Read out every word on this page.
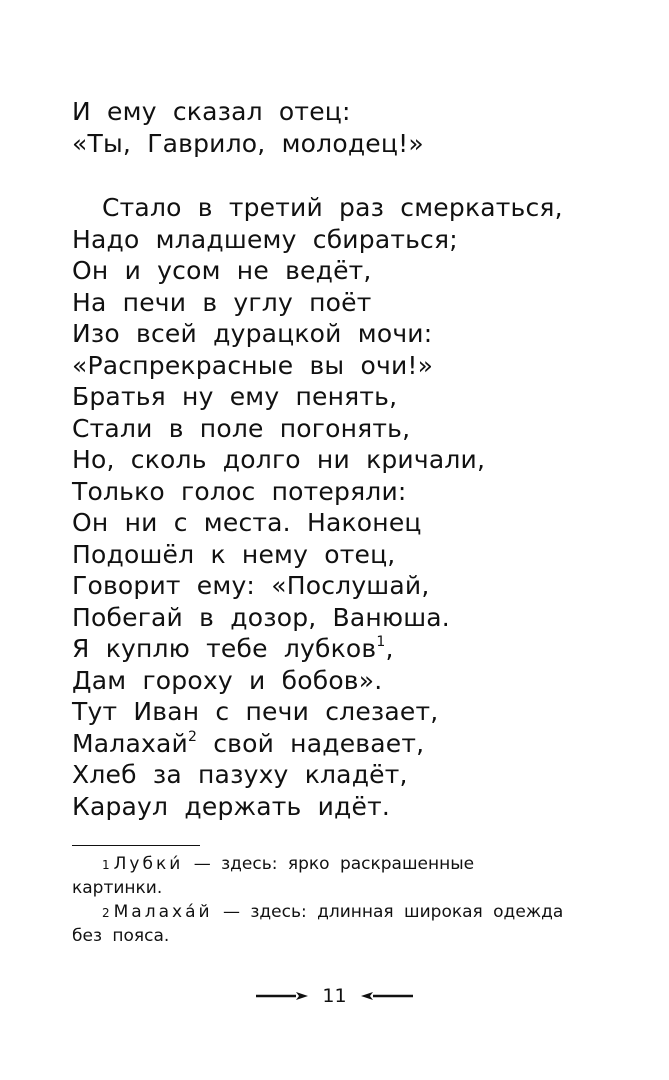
И ему сказал отец:
«Ты, Гаврило, молодец!»
Стало в третий раз смеркаться,
Надо младшему сбираться;
Он и усом не ведёт,
На печи в углу поёт
Изо всей дурацкой мочи:
«Распрекрасные вы очи!»
Братья ну ему пенять,
Стали в поле погонять,
Но, сколь долго ни кричали,
Только голос потеряли:
Он ни с места. Наконец
Подошёл к нему отец,
Говорит ему: «Послушай,
Побегай в дозор, Ванюша.
Я куплю тебе лубков$^1$,
Дам гороху и бобов».
Тут Иван с печи слезает,
Малахай$^2$ свой надевает,
Хлеб за пазуху кладёт,
Караул держать идёт.

$^1$ Лубки́ — здесь: ярко раскрашенные картинки.

$^2$ Малаха́й — здесь: длинная широкая одежда без пояса.

11
